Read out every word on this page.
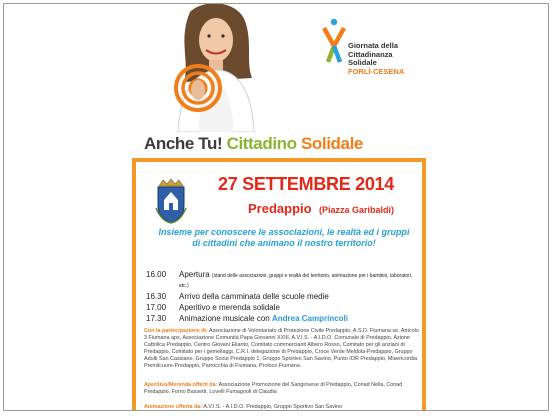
Giornata della
Cittadinanza
Solidale
FORLÌ-CESENA
Anche Tu! Cittadino Solidale
27 SETTEMBRE 2014
Predappio (Piazza Garibaldi)
Insieme per conoscere le associazioni, le realtà ed i gruppi di cittadini che animano il nostro territorio!
16.00	Apertura (stand delle associazioni, gruppi e realtà del territorio, animazione per i bambini, laboratori, etc.)
16.30	Arrivo della camminata delle scuole medie
17.00	Aperitivo e merenda solidale
17.30	Animazione musicale con Andrea Camprincoli
Con la partecipazione di: Associazione di Volontariato di Protezione Civile Predappio, A.S.D. Fiumana se, Articolo 3 Fiumana aps, Associazione Comunità Papa Giovanni XXIII, A.V.I.S. - A.I.D.O. Comunale di Predappio, Azione Cattolica Predappio, Centro Giovani Elianto, Comitato commercianti Albero Rosso, Comitato per gli anziani di Predappio, Comitato per i gemellaggi, C.R.I. delegazione di Predappio, Croce Verde Meldola-Predappio, Gruppo Adulti San Cassiano, Gruppo Scout Predappio 1, Gruppo Sportivo San Savino, Punto IOR Predappio, Misericordia Premilcuore-Predappio, Parrocchia di Fiumana, Proloco Fiumana.
Aperitivo/Merenda offerti da: Associazione Promozione del Sangiovese di Predappio, Conad Nella, Conad Predappio, Forno Bassetti, Lovelli Fumagnoli di Claudia
Animazione offerta da: A.V.I.S. - A.I.D.O. Predappio, Gruppo Sportivo San Savino
